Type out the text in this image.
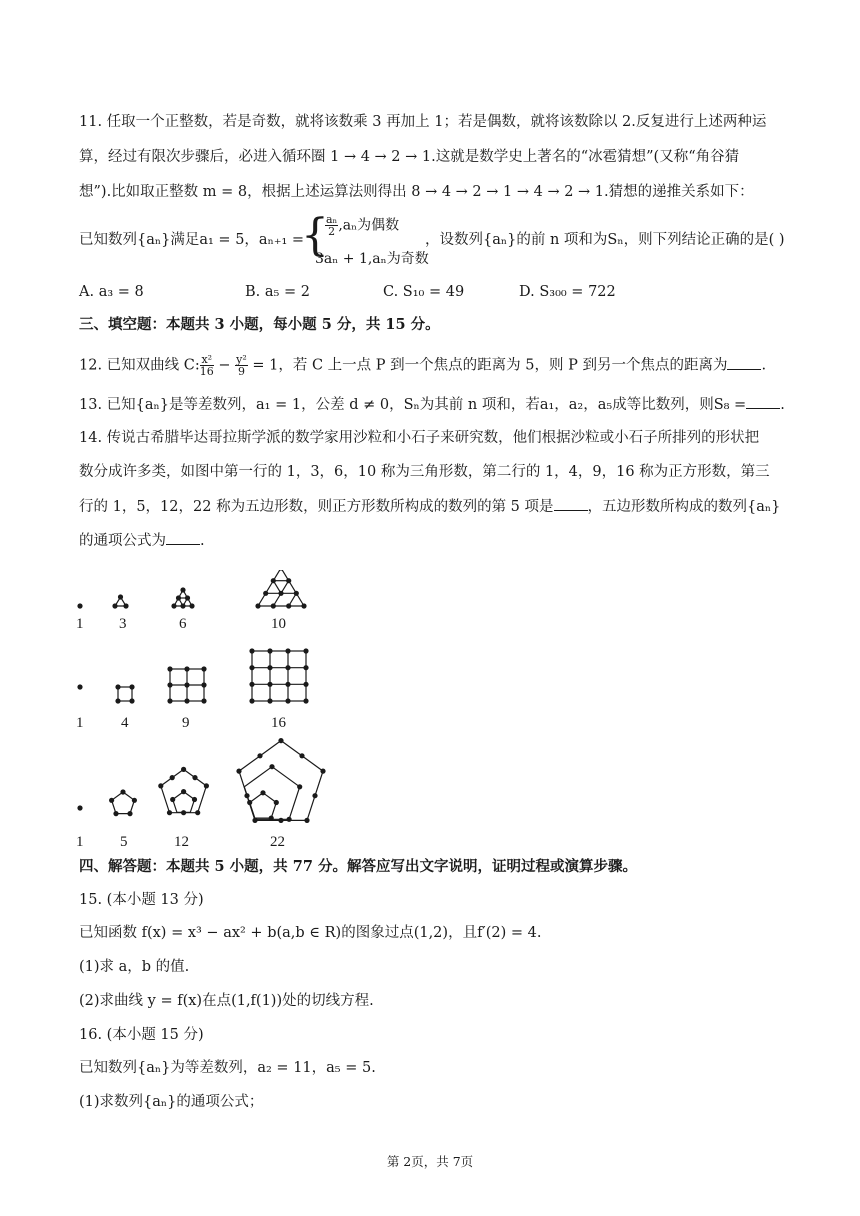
11. 任取一个正整数，若是奇数，就将该数乘 3 再加上 1；若是偶数，就将该数除以 2.反复进行上述两种运
算，经过有限次步骤后，必进入循环圈 1 → 4 → 2 → 1.这就是数学史上著名的“冰雹猜想”(又称“角谷猜
想”).比如取正整数 m = 8，根据上述运算法则得出 8 → 4 → 2 → 1 → 4 → 2 → 1.猜想的递推关系如下：
已知数列{aₙ}满足a₁ = 5，aₙ₊₁ =
{
$\frac{\text{aₙ}}{2} ,a_n$为偶数
3aₙ + 1,aₙ为奇数
，设数列{aₙ}的前 n 项和为Sₙ，则下列结论正确的是( )
A. a₃ = 8	B. a₅ = 2	C. S₁₀ = 49	D. S₃₀₀ = 722
三、填空题：本题共 3 小题，每小题 5 分，共 15 分。
12. 已知双曲线 C: $\frac{\text{x²}}{16} - \frac{\text{y²}}{9} = 1$，若 C 上一点 P 到一个焦点的距离为 5，则 P 到另一个焦点的距离为 .
13. 已知{aₙ}是等差数列，a₁ = 1，公差 d ≠ 0，Sₙ为其前 n 项和，若a₁，a₂，a₅成等比数列，则S₈ = .
14. 传说古希腊毕达哥拉斯学派的数学家用沙粒和小石子来研究数，他们根据沙粒或小石子所排列的形状把
数分成许多类，如图中第一行的 1，3，6，10 称为三角形数，第二行的 1，4，9，16 称为正方形数，第三
行的 1，5，12，22 称为五边形数，则正方形数所构成的数列的第 5 项是 ，五边形数所构成的数列{aₙ}
的通项公式为 .
1 3	6	10
1	4	9	16
1 5	12	22
四、解答题：本题共 5 小题，共 77 分。解答应写出文字说明，证明过程或演算步骤。
15. (本小题 13 分)
已知函数 f(x) = x³ − ax² + b(a,b ∈ R)的图象过点(1,2)，且f′(2) = 4.
(1)求 a，b 的值.
(2)求曲线 y = f(x)在点(1,f(1))处的切线方程.
16. (本小题 15 分)
已知数列{aₙ}为等差数列，a₂ = 11，a₅ = 5.
(1)求数列{aₙ}的通项公式；
第 2页，共 7页
